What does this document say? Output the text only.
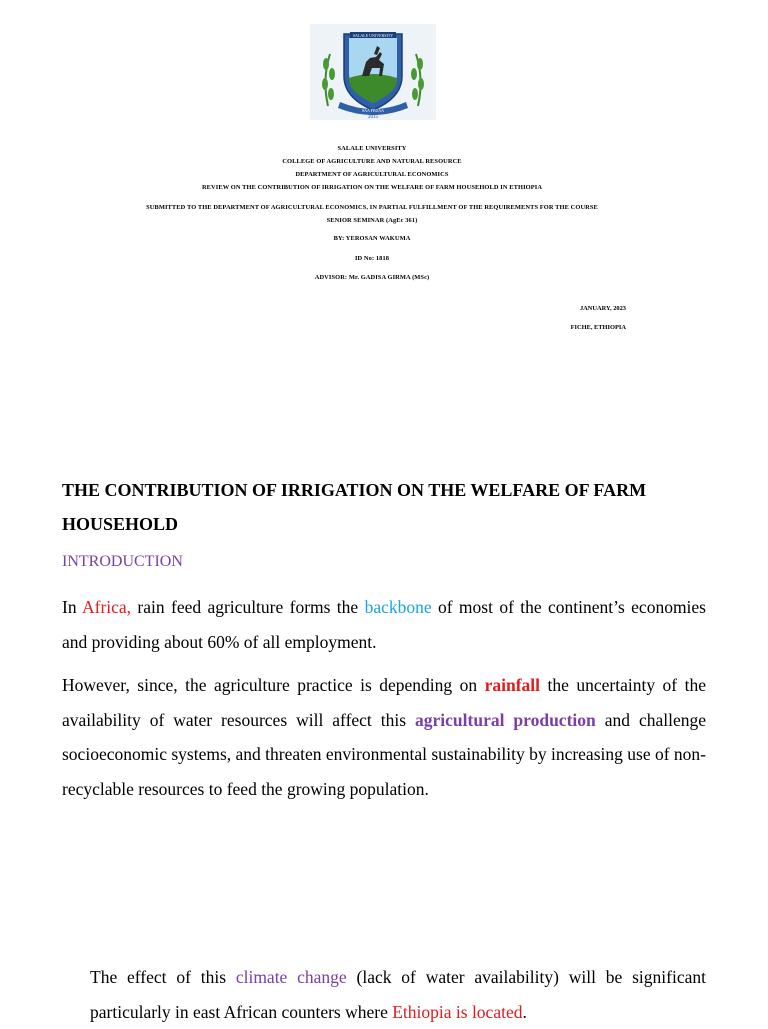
SALALE UNIVERSITY
SAA FEDAA
2015
SALALE UNIVERSITY
COLLEGE OF AGRICULTURE AND NATURAL RESOURCE
DEPARTMENT OF AGRICULTURAL ECONOMICS
REVIEW ON THE CONTRIBUTION OF IRRIGATION ON THE WELFARE OF FARM HOUSEHOLD IN ETHIOPIA
SUBMITTED TO THE DEPARTMENT OF AGRICULTURAL ECONOMICS, IN PARTIAL FULFILLMENT OF THE REQUIREMENTS FOR THE COURSE
SENIOR SEMINAR (AgEc 361)
BY: YEROSAN WAKUMA
ID No: 1818
ADVISOR: Mr. GADISA GIRMA (MSc)
JANUARY, 2023
FICHE, ETHIOPIA
THE CONTRIBUTION OF IRRIGATION ON THE WELFARE OF FARM HOUSEHOLD
INTRODUCTION

In Africa, rain feed agriculture forms the backbone of most of the continent’s economies and providing about 60% of all employment.

However, since, the agriculture practice is depending on rainfall the uncertainty of the availability of water resources will affect this agricultural production and challenge socioeconomic systems, and threaten environmental sustainability by increasing use of non-recyclable resources to feed the growing population.

The effect of this climate change (lack of water availability) will be significant particularly in east African counters where Ethiopia is located.
